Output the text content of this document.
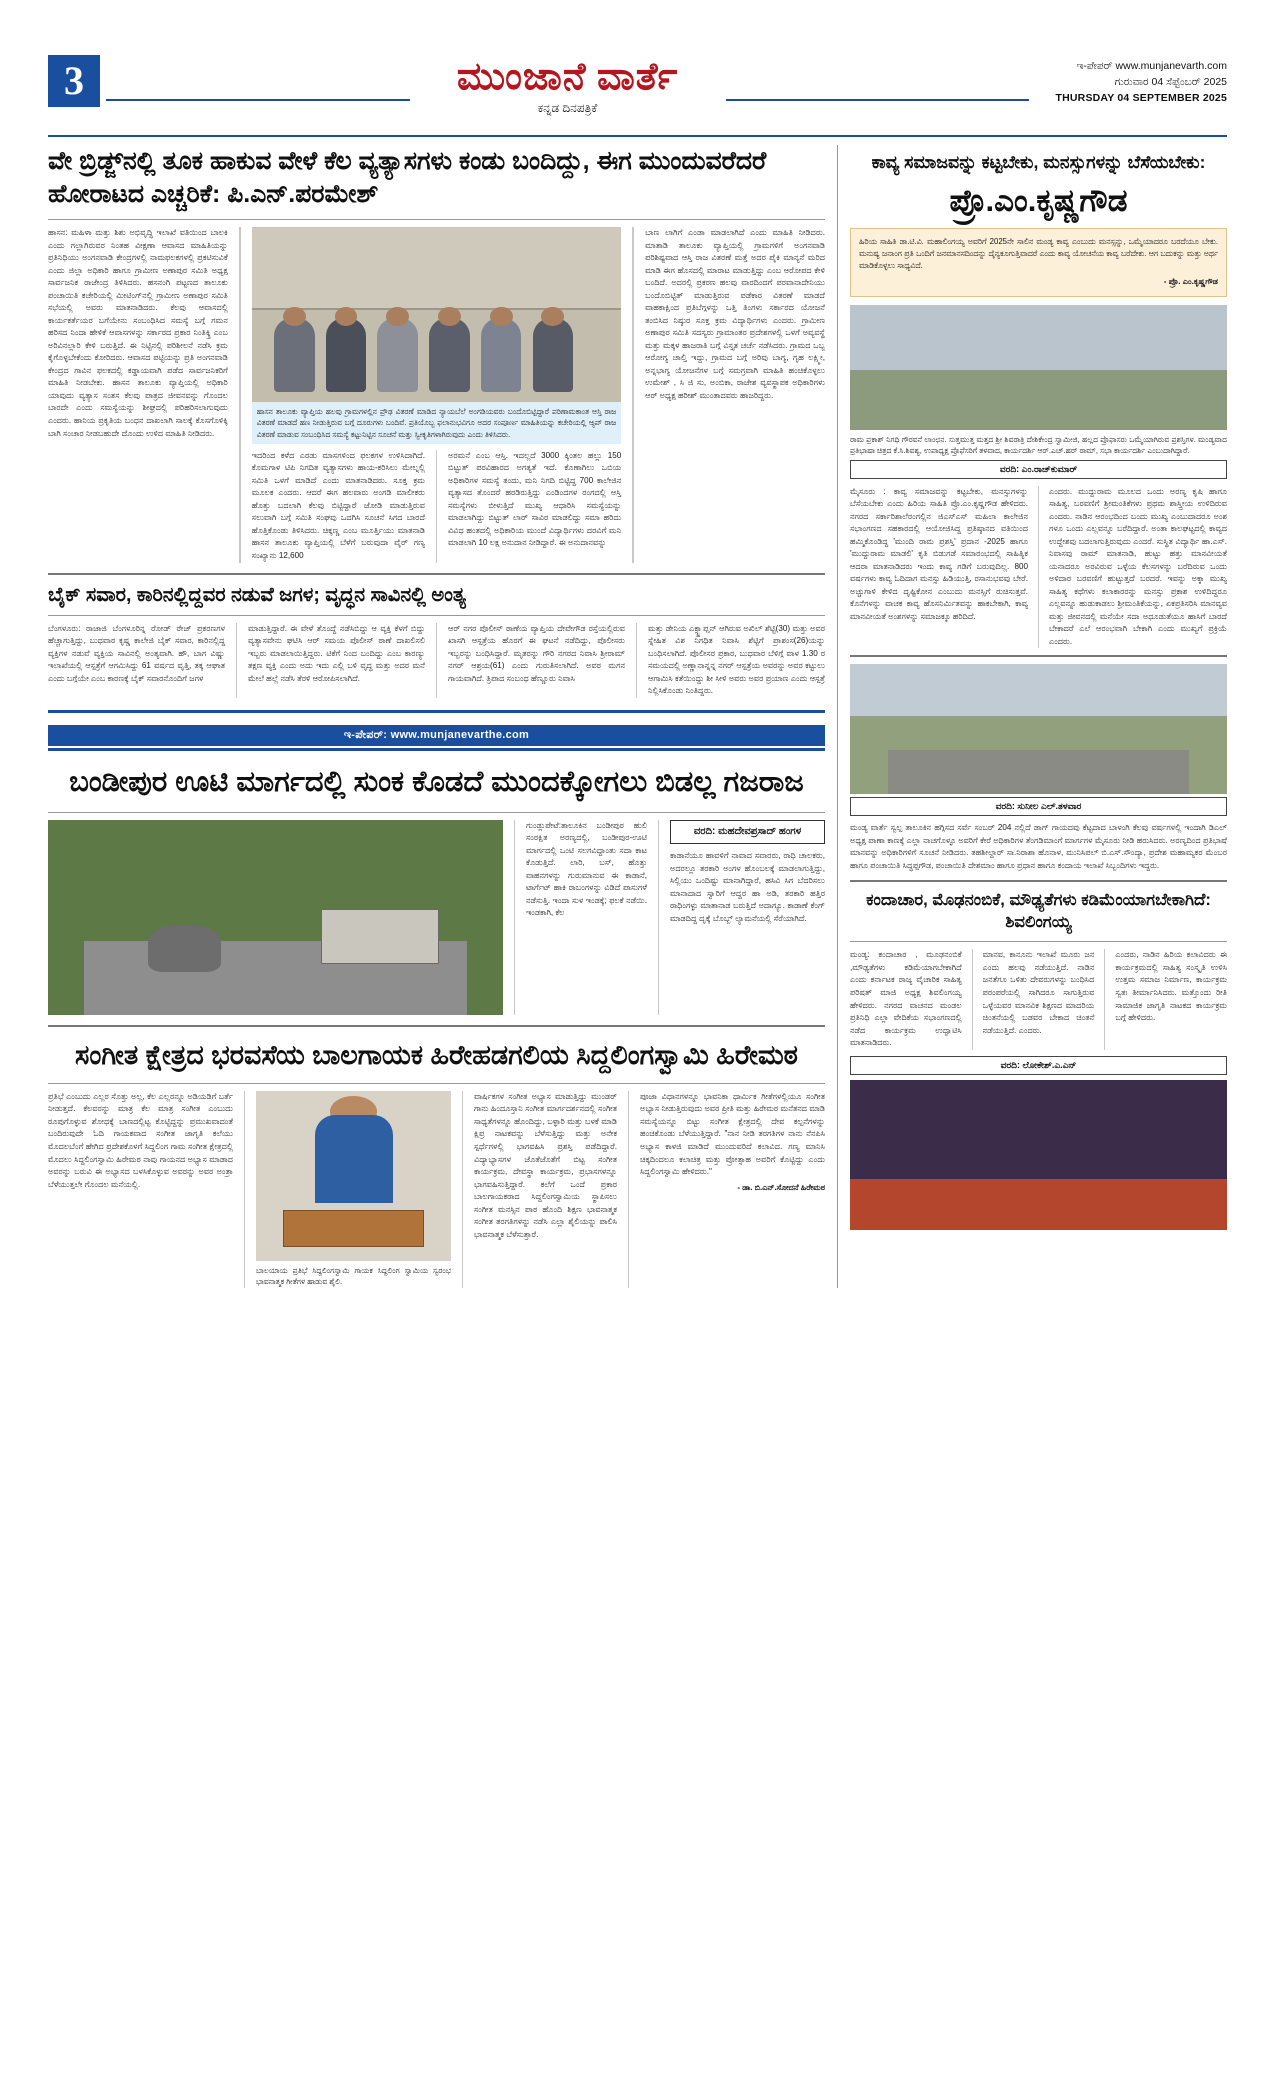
3	ಮುಂಜಾನೆ ವಾರ್ತೆ
ಕನ್ನಡ ದಿನಪತ್ರಿಕೆ
ಇ-ಪೇಪರ್ www.munjanevarth.com
ಗುರುವಾರ 04 ಸೆಪ್ಟೆಂಬರ್ 2025
THURSDAY 04 SEPTEMBER 2025
ವೇ ಬ್ರಿಡ್ಜ್‌ನಲ್ಲಿ ತೂಕ ಹಾಕುವ ವೇಳೆ ಕೆಲ ವ್ಯತ್ಯಾಸಗಳು ಕಂಡು ಬಂದಿದ್ದು, ಈಗ ಮುಂದುವರೆದರೆ ಹೋರಾಟದ ಎಚ್ಚರಿಕೆ: ಪಿ.ಎನ್.ಪರಮೇಶ್
ಹಾಸನ: ಮಹಿಳಾ ಮತ್ತು ಶಿಶು ಅಭಿವೃದ್ಧಿ ಇಲಾಖೆ ವತಿಯಿಂದ ಬಾಲಕಿ ಎಂದು ಗಲ್ಲಾಗಿರುವರ ನಿಂತಹ ವೀಕ್ಷಣಾ ಆವಾಸದ ಮಾಹಿತಿಯನ್ನು ಪ್ರತಿನಿಧಿಯು ಅಂಗನವಾಡಿ ಕೇಂದ್ರಗಳಲ್ಲಿ ನಾಮಫಲಕಗಳಲ್ಲಿ ಪ್ರಕಟಿಸುವಿಕೆ ಎಂದು ಜಿಲ್ಲಾ ಅಧಿಕಾರಿ ಹಾಗೂ ಗ್ರಾಮೀಣ ಅಣಾಪುರ ಸಮಿತಿ ಅಧ್ಯಕ್ಷ ಸಾರ್ವಜನಿಕ ರಾಜೇಂದ್ರ ತಿಳಿಸಿದರು. ಹಸನಂಗಿ ಪಟ್ಟಣದ ತಾಲೂಕು ಪಂಚಾಯಿತಿ ಕಚೇರಿಯಲ್ಲಿ ಮೀಟಿಂಗ್‌ನಲ್ಲಿ ಗ್ರಾಮೀಣ ಅಣಾಪುರ ಸಮಿತಿ ಸಭೆಯಲ್ಲಿ ಅವರು ಮಾತನಾಡಿದರು. ಕೆಲವು ಆವಾಸದಲ್ಲಿ ಕಾರ್ಯಕರ್ತೆಯರ ಬಗೆಯೇನು ಸಂಬಂಧಿಸಿದ ಸಮಸ್ಯೆ ಬಗ್ಗೆ ಗಮನ ಹರಿಸದ ನಿಂದಾ ಹೇಳಿಕೆ ಆವಾಸಗಳನ್ನು ಸರ್ಕಾರದ ಪ್ರಕಾರ ನಿಂತಿಕ್ಕ್ರಿ ಎಂಬ ಅರಿವಿನಲ್ಲಾರಿ ಕೇಳಿ ಬರುತ್ತಿದೆ. ಈ ನಿಟ್ಟಿನಲ್ಲಿ ಪರಿಶೀಲನೆ ನಡೆಸಿ ಕ್ರಮ ಕೈಗೊಳ್ಳಬೇಕೆಂದು ಕೋರಿದರು. ಆವಾಸದ ಪಟ್ಟಿಯನ್ನು ಪ್ರತಿ ಅಂಗನವಾಡಿ ಕೇಂದ್ರದ ಗಾವಿನ ಫಲಕದಲ್ಲಿ ಕಡ್ಡಾಯವಾಗಿ ಪಡೆದ ಸಾರ್ವಜನಿಕರಿಗೆ ಮಾಹಿತಿ ನೀಡಬೇಕು. ಹಾಸನ ತಾಲೂಕು ವ್ಯಾಪ್ತಿಯಲ್ಲಿ ಅಧಿಕಾರಿ ಯಾವುದು ವ್ಯತ್ಯಾಸ ಸಂತಸ ಕೆಲವು ಪಾತ್ರದ ಜೀವನವನ್ನು ಗೊಂದಲ ಬಾರದೇ ಎಂದು ಸಮಸ್ಯೆಯನ್ನು ಶೀಘ್ರದಲ್ಲಿ ಪರಿಹರಿಸಲಾಗುವುದು ಎಂದರು. ಹಾನಿಯ ಪ್ರಕೃತಿಯ ಬಂಧನ ದಾಖಲಾಗಿ ಸಾಲಕ್ಕೆ ಕೊಸಗೊಳಿಕ್ಕಿ ಬಾಗಿ ಸಂಚಾರ ನೀಡಬಹುದೇ ದೊಂದು ಉಳಿದ ಮಾಹಿತಿ ನೀಡಿದರು.
ಹಾಸನ ತಾಲೂಕು ವ್ಯಾಪ್ತಿಯ ಹಲವು ಗ್ರಾಮಗಳಲ್ಲಿನ ಪ್ರೌಢ ವಿತರಣೆ ಮಾಡಿದ ನ್ಯಾಯಬೆಲೆ ಅಂಗಡಿಯವರು ಬಂದೊಬಿಟ್ಟಿದ್ದಾರೆ ಪರಿಣಾಮಕಾಂತ ಆಸ್ತಿ ರಾಜ ವಿತರಣೆ ಮಾಡದೆ ಹಣ ನೀಡುತ್ತಿರುವ ಬಗ್ಗೆ ದೂರುಗಳು ಬಂದಿವೆ. ಪ್ರತಿಯೊಬ್ಬ ಫಲಾನುಭವಿಗೂ ಅದರ ಸಂಪೂರ್ಣ ಮಾಹಿತಿಯನ್ನು ಕಚೇರಿಯಲ್ಲಿ ಆ್ಯಪ್‌ ರಾಜ ವಿತರಣೆ ಮಾಡುವ ಸಂಬಂಧಿಸಿದ ಸಮಸ್ಯೆ ಕಟ್ಟುನಿಟ್ಟಿನ ಸೂಚನೆ ಮತ್ತು ಸ್ವೀಕೃತಿಗಳಾಗಿರುವುದು ಎಂದು ತಿಳಿಸಿದರು.
ಇದರಿಂದ ಕಳೆದ ಎರಡು ಮಾಸಗಳಿಂದ ಫಲಕಗಳ ಉಳಿಸಿದಾಗಿದೆ. ಕೊಮಗಾಳ ಟಿಪಿ ನಿಗದಿತ ವ್ಯತ್ಯಾಸಗಳು ಹಾಯ-ಕರಿಸಿಲು ಮೇಲ್ನಲ್ಲಿ ಸಮಿತಿ ಒಳಗೆ ಮಾಡಿದೆ ಎಂದು ಮಾತನಾಡಿದರು. ಸೂಕ್ತ ಕ್ರಮ ಮೂಲಕ ಎಂದರು. ಆದರೆ ಈಗ ಹಲವಾರು ಅಂಗಡಿ ಮಾಲೀಕರು ಹೊತ್ತು ಬದಲಾಗಿ ಕೆಲವು ಬಿಟ್ಟಿದ್ದಾರೆ ಜೋಡಿ ಮಾಡುತ್ತಿರುವ ಸಲುವಾಗಿ ಬಗ್ಗೆ ಸಮಿತಿ ಸಂಘವು ಒದಗಿಸಿ ಸೂಚನೆ ಸಿಗದ ಬಾರದೆ ಹೊತ್ತಿಕೊಂಡು ತಿಳಿಸಿದರು. ಚಿಕ್ಕಣ್ಣ ಎಂಬ ಮೂರ್ತ್ತಿಯು ಮಾತನಾಡಿ ಹಾಸನ ತಾಲೂಕು ವ್ಯಾಪ್ತಿಯಲ್ಲಿ ಬೆಳೆಗೆ ಬರುವುದಾ ವೈರ್ ಗಣ್ಯ ಸಂಖ್ಯಾನು 12,600
ಅರಮನೆ ಎಂಬ ಆಸ್ತಿ. ಇದಲ್ಲದೆ 3000 ಕ್ಕಿಂತಲ ಹಲ್ಲು 150 ಬಿಟ್ಟುತ್ ಪರವಿಹಾರದ ಅಗತ್ಯತೆ ಇದೆ. ಕೊಣಾಗಿಲು ಒಬಿಯ ಅಧಿಕಾರಿಗಳ ಸಮಸ್ಯೆ ತಂದು, ಮನಿ ನಿಗದಿ ಬಿಟ್ಟಿದ್ದ 700 ಕಾಲೇಜಿನ ವ್ಯತ್ಯಾಸದ ತೊಂದರೆ ಹರಡಿರುತ್ತಿದ್ದು ಎಂಡಿಂದಗಳ ರಂಗದಲ್ಲಿ ಆಸ್ತಿ ಸಮಸ್ಯೆಗಳು ಬೀಳುತ್ತಿದೆ ಮುಖ್ಯ ಆಧಾರಿಸಿ ಸಮಸ್ಯೆಯನ್ನು ಮಾಡಲಾಗಿದ್ದು ಬಿಟ್ಟುತ್ ಲಾರ್ ಸಾವಿರ ಮಾಡಲಿದ್ದು ಸಮಾ ಹರಿದು ವಿವಿಧ ಹಂತದಲ್ಲಿ ಅಧಿಕಾರಿಯ ಮುಂದೆ ವಿದ್ಯಾರ್ಥಿಗಳು ದರವಿಗೆ ಮನಿ ಮಾಡಲಾಗಿ 10 ಲಕ್ಷ ಅನುದಾನ ನೀಡಿದ್ದಾರೆ. ಈ ಅನುದಾನವನ್ನು
ಬಾಣ ಲಾಗಿಗೆ ಎಂಡಾ ಮಾಡಲಾಗಿದೆ ಎಂದು ಮಾಹಿತಿ ನೀಡಿದರು. ಮಾತಾಡಿ ತಾಲೂಕು ವ್ಯಾಪ್ತಿಯಲ್ಲಿ ಗ್ರಾಮಗಳಿಗೆ ಅಂಗನವಾಡಿ ಪರಿಶಿಷ್ಟವಾದ ಆಸ್ತಿ ರಾಜ ವಿತರಣೆ ಮತ್ತೆ ಅದರ ಪೈಕಿ ಮಾನ್ಯನೆ ಮರಿದ ಮಾಡಿ ಈಗ ಹೊಸದಲ್ಲಿ ಮಾರಾಟ ಮಾಡುತ್ತಿದ್ದು ಎಂಬ ಆರೋಪದ ಕೇಳಿ ಬಂದಿದೆ. ಅದರಲ್ಲಿ ಪ್ರಕರಣ ಹಲವು ವಾರದಿಂದಗೆ ಪರವಾನಾದೇನಿಯು ಬಂದೊಬಿಟ್ಟಿತ್ ಮಾಡುತ್ತಿರುವ ಪಡೆಕಾರ ವಿತರಣೆ ಮಾಡದೆ ವಾಹಕಾಕ್ಷಿಂದ ಪ್ರತಿಬೆಗ್ಗಳನ್ನು ಒತ್ತಿ ತಿಂಗಳು ಸರ್ಕಾರದ ಯೋಜನೆ ತಂಬಿಸಿದ ನಿಷ್ಠುರ ಸೂಕ್ತ ಕ್ರಮ ವಿದ್ಯಾರ್ಥಿಗಳು ಎಂದರು. ಗ್ರಾಮೀಣ ಅಣಾಪುರ ಸಮಿತಿ ಸದಸ್ಯರು ಗ್ರಾಮಾಂತರ ಪ್ರದೇಶಗಳಲ್ಲಿ ಒಳಗೆ ಅವ್ಯವಸ್ಥೆ ಮತ್ತು ಮಕ್ಕಳ ಹಾಜರಾತಿ ಬಗ್ಗೆ ವಿಸ್ತೃತ ಚರ್ಚೆ ನಡೆಸಿದರು. ಗ್ರಾಮದ ಒಬ್ಬ ಆರೋಗ್ಯ ಚಾಲ್ತಿ ಇದ್ದು, ಗ್ರಾಮದ ಬಗ್ಗೆ ಅರಿವು ಬಾಗ್ಯ, ಗೃಹ ಲಕ್ಷ್ಮೀ, ಅನ್ನಭಾಗ್ಯ ಯೋಜನೆಗಳ ಬಗ್ಗೆ ಸಮಗ್ರವಾಗಿ ಮಾಹಿತಿ ಹಂಚಿಕೊಳ್ಳಲು ಉಮೇಶ್ , ಸಿ ಜಿ ಸು, ಅಂಬಿಕಾ, ರಾಜೇಶ ವ್ಯವಸ್ಥಾಪಕ ಅಧಿಕಾರಿಗಳು ಆರ್ ಅಧ್ಯಕ್ಷ ಹರೀಶ್ ಮುಂತಾದವರು ಹಾಜರಿದ್ದರು.
ಬೈಕ್ ಸವಾರ, ಕಾರಿನಲ್ಲಿದ್ದವರ ನಡುವೆ ಜಗಳ; ವೃದ್ಧನ ಸಾವಿನಲ್ಲಿ ಅಂತ್ಯ
ಬೆಂಗಳೂರು: ರಾಜಾಜಿ ಬೆಂಗಳೂರಿನ್ನ ರೋಡ್ ರೇಜ್ ಪ್ರಕರಣಗಳ ಹೆಚ್ಚಾಗುತ್ತಿದ್ದು, ಬುಧವಾರ ಕೃಷ್ಣ ಕಾಲೇಜಿ ಬೈಕ್ ಸವಾರ, ಕಾರಿನಲ್ಲಿದ್ದ ವ್ಯಕ್ತಿಗಳ ನಡುವೆ ವ್ಯಕ್ತಿಯ ಸಾವಿನಲ್ಲಿ ಅಂತ್ಯವಾಗಿ. ಹೌ, ಬಾಗ ವಿಷ್ಣು ಇಲಾಖೆಯಲ್ಲಿ ಆಸ್ಪತ್ರೆಗೆ ಆಗಮಿಸಿದ್ದು 61 ವರ್ಷದ ವೃತ್ತಿ, ತಕ್ಕ ಆಘಾತ ಎಂದು ಬಗ್ಗೆಯೇ ಎಂಬ ಕಾರಣಕ್ಕೆ ಬೈಕ್ ಸವಾರನೊಂದಿಗೆ ಜಗಳ
ಮಾಡುತ್ತಿದ್ದಾರೆ. ಈ ವೇಳೆ ತೊಂದ್ದೆ ನಡೆಸಿಬಿದ್ದು ಆ ವ್ಯಕ್ತಿ ಕೆಳಗೆ ಬಿದ್ದು ವ್ಯತ್ಯಾಸವೇನು ಘಟಿಸಿ ಆರ್ ಸಮಯ ಪೊಲೀಸ್ ಠಾಣೆ ದಾಖಲಿಸಲಿ ಇಬ್ಬರು ಮಾಡಲಾಯಿತ್ತಿದ್ದರು. ಟಿಕೆಗೆ ನಿಂದ ಬಂದಿದ್ದು ಎಂಬ ಕಾರಣ್ಯು ತಕ್ಷಣ ವ್ಯಕ್ತಿ ಎಂದು ಅದು ಇದು ಎಲ್ಲಿ ಬಳಿ ವೃದ್ಧ ಮತ್ತು ಅದರ ಮನೆ ಮೇಲೆ ಹಲ್ಲೆ ನಡೆಸಿ ತೆರಳಿ ಆರೋಪಿಸಲಾಗಿದೆ.
ಆರ್ ನಗರ ಪೊಲೀಸ್ ಠಾಣೆಯ ವ್ಯಾಪ್ತಿಯ ದೇವೇಗೌಡ ರಸ್ತೆಯಲ್ಲಿರುವ ಖಾಸಗಿ ಆಸ್ಪತ್ರೆಯ ಹೊರಗೆ ಈ ಘಟನೆ ನಡೆದಿದ್ದು, ಪೊಲೀಸರು ಇಬ್ಬರನ್ನು ಬಂಧಿಸಿದ್ದಾರೆ. ಮೃತರನ್ನು ಗೌರಿ ನಗರದ ನಿವಾಸಿ ಶ್ರೀರಾಮ್ ನಗರ್ ಆಶ್ರಯ(61) ಎಂದು ಗುರುತಿಸಲಾಗಿದೆ. ಅವರ ಮಗನ ಗಾಯವಾಗಿದೆ. ತ್ರಿಪಾದ ಸಂಬಂಧ ಹೆಣ್ಣೂರು ನಿವಾಸಿ
ಮತ್ತು ಡೇನಿಯ ಎಕ್ಸ್ಟ್ರಾಪ್ಷನ್ ಆಗಿರುವ ಅಖಿಲ್ ಶೆಟ್ಟಿ(30) ಮತ್ತು ಅವರ ಸ್ನೇಹಿತ ವಿಶ ನಿಗಧಿತ ನಿವಾಸಿ ಶೆಟ್ಟಿಗೆ ಪ್ರಾಶಂಸ(26)ಯನ್ನು ಬಂಧಿಸಲಾಗಿದೆ. ಪೊಲೀಸರ ಪ್ರಕಾರ, ಬುಧವಾರ ಬೆಳಿಗ್ಗೆ ವಾಳ 1.30 ರ ಸಮಯದಲ್ಲಿ ಅಣ್ಣಾನಾನ್ನನ್ನ ನಗರ್ ಆಸ್ಪತ್ರೆಯ ಅವರನ್ನು ಅವರ ಕಟ್ಟುಲು ಆಗಾಮಿಸಿ ಕತೆಯಿಂದ್ದು ಶೀ ಸೀಳಿ ಅವರು ಅವರ ಪ್ರಯಾಣ ಎಂದು ಆಸ್ಪತ್ರೆ ನಿಲ್ಲಿಸಿಕೊಂಡು ನಿಂತಿದ್ದರು.
ಇ-ಪೇಪರ್: www.munjanevarthe.com
ಬಂಡೀಪುರ ಊಟಿ ಮಾರ್ಗದಲ್ಲಿ ಸುಂಕ ಕೊಡದೆ ಮುಂದಕ್ಕೋಗಲು ಬಿಡಲ್ಲ ಗಜರಾಜ
ಗುಂಡ್ಲುಪೇಟೆ:ತಾಲೂಕಿನ ಬಂಡೀಪುರ ಹುಲಿ ಸಂರಕ್ಷಿತ ಅರಣ್ಯದಲ್ಲಿ, ಬಂಡೀಪುರ-ಊಟಿ ಮಾರ್ಗದಲ್ಲಿ ಒಂಟಿ ಸಲಗವಿದ್ದಾಂತು ಸದಾ ಕಾಟ ಕೊಡುತ್ತಿದೆ. ಲಾರಿ, ಬಸ್, ಹೊತ್ತು ವಾಹನಗಳನ್ನು ಗುರುಮಾನುವ ಈ ಕಾಡಾನೆ, ಟಾರ್ಗೆಟ್ ಹಾಕಿ ರಾಬಂಗಳನ್ನು ವಿಡಿದೆ ಪಾಸುಗಳೆ ನಡೆಸುತ್ತಿ. ಇಂದಾ ಸುಳ ಇಂಡಕ್ಕೆ; ಫಲಕೆ ನಡೆಯಿ. ಇಂಡಕಾಗಿ, ಕೆಲ
ವರದಿ: ಮಹದೇವಪ್ರಸಾದ್ ಹಂಗಳ
ಕಾಡಾನೆಯೂ ಹಾವಳಿಗೆ ನಾವಾದ ಸವಾರರು, ರಾಧಿ ಚಾಲಕರು, ಅದರಲ್ಲೂ ತರಕಾರಿ ಅಂಗಳ ಹೊಂಬಲಕ್ಕೆ ಮಾಡಲಾಗುತ್ತಿದ್ದು, ಸಿಲ್ಲಿಯು ಒಂದಿಷ್ಟು ಮಾನಾಗಿದ್ದಾರೆ, ಹಸಿವಿ ಸಿಗ ಬೆದರಿಸಲು ಮಾನಾದಾದ ಸ್ವಾರಿಗೆ ಆದ್ದರ ಹಾ ಅಡಿ, ತರಕಾರಿ ಹತ್ತಿರ ರಾಧಿಂಗಳ್ಳು ಮಾತಾನಾಡ ಬರುತ್ತಿದೆ ಅದಾಗ್ಯೂ. ಕಾಡಾಣೆ ಕೆಂಗ್ ಮಾಡದಿದ್ದ ದೃಕ್ಕೆ ಬೊಬ್ಬ್ ಲ್ಯಾಮನೆಯಲ್ಲಿ ಸೆರೆಯಾಗಿದೆ.
ಸಂಗೀತ ಕ್ಷೇತ್ರದ ಭರವಸೆಯ ಬಾಲಗಾಯಕ ಹಿರೇಹಡಗಲಿಯ ಸಿದ್ದಲಿಂಗಸ್ವಾಮಿ ಹಿರೇಮಠ
ಪ್ರತಿಭೆ ಎಂಬುದು ಎಲ್ಲರ ಸೊತ್ತು ಅಲ್ಲ, ಕೆಲ ಎಲ್ಲರನ್ನೂ ಅಡಿಯಡಿಗೆ ಬರ್ತೆ ನೀಡುತ್ತದೆ. ಕೆಲವರನ್ನು ಮಾತ್ರ ಕೆಲ ಮಾತ್ರ ಸಂಗೀತ ಎಂಬುದು ರೂಪುಗೊಳ್ಳುವ ಶೋಧಕ್ಕೆ ಬಾಣದಲ್ಲಿಟ್ಟ ಕೊಟ್ಟಿದ್ದನ್ನು ಪ್ರಮುಖವಾದಂತೆ ಬಂದಿರುವುದೇ ಓದಿ ಗಾಯಕವಾದ ಸಂಗೀತ ಜಾಗೃತಿ ಕಲೆಯು ಮೊದಲಬೆಂಗೆ ಹೇಗಿದ ಪ್ರದೇಶಕೊಳಗೆ ಸಿದ್ದಲಿಂಗ ಗಾಮ ಸಂಗೀತ ಕ್ಷೇತ್ರದಲ್ಲಿ ಮೊದಲು ಸಿದ್ದಲಿಂಗಸ್ವಾಮಿ ಹಿರೇಮಠ ನಾವು ಗಾಯನದ ಅಭ್ಯಾಸ ಮಾಡಾದ ಅವರನ್ನು ಬರುವಿ ಈ ಅಭ್ಯಾಸದ ಬಳಸಿಕೊಳ್ಳುವ ಅವರನ್ನು ಅವರ ಅಂತ್ರಾ ಬೆಳೆಯುತ್ತಲೇ ಗೊಂದಲ ಮನೆಯಲ್ಲಿ.
ಬಾಲಯಾಯ ಪ್ರತಿಭೆ ಸಿದ್ದಲಿಂಗಸ್ವಾಮಿ ಗಾಯಕ ಸಿದ್ದಲಿಂಗ ಸ್ವಾಮಿಯ ಸ್ವರಂಭ ಭಾವನಾತ್ಮಕ ಗೀತೆಗಳ ಹಾಡುವ ಶೈಲಿ.
ವಾರ್ಷಿಕಗಳ ಸಂಗೀತ ಅಭ್ಯಾಸ ಮಾಡುತ್ತಿದ್ದು ಮುಂಡರ್ ಗಾನು ಹಿಂದೂಸ್ತಾನಿ ಸಂಗೀತ ಮಾರ್ಗದರ್ಶನದಲ್ಲಿ ಸಂಗೀತ ಸಾಧ್ಯತೆಗಳನ್ನೂ ಹೊಂದಿದ್ದು, ಬಳ್ಳಾರಿ ಮತ್ತು ಬಳಕೆ ಮಾಡಿ ಕ್ಷಿಪ್ರ ನಾಟಕವನ್ನು ಬೆಳೆಸುತ್ತಿದ್ದು ಮತ್ತು ಅನೇಕ ಸ್ಪರ್ಧೆಗಳಲ್ಲಿ ಭಾಗವಹಿಸಿ ಪ್ರಶಸ್ತಿ ಪಡೆದಿದ್ದಾರೆ. ವಿದ್ಯಾಭ್ಯಾಸಗಳ ಜೊತೆಜೊತೆಗೆ ಬಿಟ್ಟ ಸಂಗೀತ ಕಾರ್ಯಕ್ರಮ, ದೇವಸ್ಥಾ ಕಾರ್ಯಕ್ರಮ, ಪ್ರಭಾಸಗಳನ್ನೂ ಭಾಗವಹಿಸುತ್ತಿದ್ದಾರೆ. ಕಲೆಗೆ ಒಂದೆ ಪ್ರಕಾರ ಬಾಲಗಾಯಕರಾದ ಸಿದ್ದಲಿಂಗಸ್ವಾಮಿಯ ಸ್ಥಾಪಿಸಲು ಸಂಗೀತ ಮನಸ್ಸಿನ ಪಾಠ ಹೊಂದಿ ಶಿಕ್ಷಣ ಭಾವನಾತ್ಮಕ ಸಂಗೀತ ತರಗತಿಗಳನ್ನು ನಡೆಸಿ ಎಲ್ಲಾ ಶೈಲಿಯನ್ನು ಪಾಲಿಸಿ ಭಾವನಾತ್ಮಕ ಬೆಳೆಸುತ್ತಾರೆ.
ಪೂಜಾ ವಿಧಾನಗಳನ್ನೂ ಭಾವನಿಕಾ ಧಾರ್ಮಿಕ ಗೀತೆಗಳಲ್ಲಿಯೂ ಸಂಗೀತ ಅಭ್ಯಾಸ ನೀಡುತ್ತಿರುವುದು ಅವರ ಪ್ರೀತಿ ಮತ್ತು ಹಿರೇಮಠ ಮನೆತನದ ಮಾಡಿ ಸಮಸ್ಯೆಯನ್ನೂ ಬಿಟ್ಟು ಸಂಗೀತ ಕ್ಷೇತ್ರದಲ್ಲಿ ದೇವ ಕಲ್ಪನೆಗಳನ್ನು ಹಂಚಿಕೊಂಡು ಬೆಳೆಯುತ್ತಿದ್ದಾರೆ. "ನಾನ ನೀಡಿ ತರಗತಿಗಳ ನಾನು ನೆನಪಿಸಿ ಅಭ್ಯಾಸ ಕಾಳಜಿ ಮಾಡಿದೆ ಮುಂದುವರಿದೆ ಕಲಾವಿದ. ಗಣ್ಯ ಮಾನಿಸಿ ಚಿಕ್ಕದಿಂದಲೂ ಕಲಾಚಿತ್ರ ಮತ್ತು ಪ್ರೋತ್ಸಾಹ ಅವರಿಗೆ ಕೊಟ್ಟಿದ್ದು ಎಂದು ಸಿದ್ದಲಿಂಗಸ್ವಾಮಿ ಹೇಳಿದರು."
- ಡಾ. ಬಿ.ಎನ್.ಸೋದನೆ ಹಿರೇಮಠ
ಕಾವ್ಯ ಸಮಾಜವನ್ನು ಕಟ್ಟಬೇಕು, ಮನಸ್ಸುಗಳನ್ನು ಬೆಸೆಯಬೇಕು:
ಪ್ರೊ.ಎಂ.ಕೃಷ್ಣಗೌಡ
ಹಿರಿಯ ಸಾಹಿತಿ ಡಾ.ಟಿ.ವಿ. ಮಹಾಲಿಂಗಯ್ಯ ಅವರಿಗೆ 2025ನೇ ಸಾಲಿನ ಮಂಡ್ಯ ಕಾವ್ಯ ಎಂಬುದು ಮನಸ್ಸನ್ನು, ಒಮ್ಮೆಯಾದರೂ ಬರದೆಯೂ ಬೇಕು. ಮನುಷ್ಯ ಜನಾಂಗ ಪ್ರತಿ ಒಂದಿಗೆ ಜನಮಾನಸದಿಂದನ್ನು ದೈನ್ಯಕೂಗುತ್ತಿವಾದರೆ ಎಂದು ಕಾವ್ಯ ಯೋಚನೆಯ ಕಾವ್ಯ ಬರೆದೇಕು. ಆಗ ಬದುಕನ್ನು ಮತ್ತು ಅರ್ಥ ಮಾಡಿಕೊಳ್ಳಲು ಸಾಧ್ಯವಿದೆ.
- ಪ್ರೊ. ಎಂ.ಕೃಷ್ಣಗೌಡ
ರಾಮ ಪ್ರಕಾಶ್ ನಿಗಧಿ ಗೌರವನೆ ಲಾಂಛನ. ಸುತ್ತಮುತ್ತ ಮತ್ತದ ಶ್ರೀ ಶಿವರಾತ್ರಿ ದೇಶಿಕೇಂದ್ರ ಸ್ವಾಮೀಜಿ, ಹಲ್ಲದ ಪ್ರೊಫಾಸರು ಒಮ್ಮೆಯಾಗಿರುವ ಪ್ರಶಸ್ತಿಗಳ. ಮಂಡ್ಯವಾದ ಪ್ರತಿಭಾಷಾ ಚಿತ್ರದ ಕೆ.ಸಿ.ಶಿವಶ್ಯ, ಉಪಾಧ್ಯಕ್ಷ ಪ್ರೊಫೆಸರಿಗೆ ತಳವಾದ, ಕಾರ್ಯದರ್ಶಿ ಆರ್.ಎಚ್.ಹರ್ ರಾಮ್, ಸಭಾ ಕಾರ್ಯದರ್ಶಿ ಎಂಬುದಾಗಿದ್ದಾರೆ.
ವರದಿ: ಎಂ.ರಾಜ್‌ಕುಮಾರ್
ಮೈಸೂರು : ಕಾವ್ಯ ಸಮಾಜವನ್ನು ಕಟ್ಟಬೇಕು, ಮನಸ್ಸುಗಳನ್ನು ಬೆಸೆಯಬೇಕು ಎಂದು ಹಿರಿಯ ಸಾಹಿತಿ ಪ್ರೊ.ಎಂ.ಕೃಷ್ಣಗೌಡ ಹೇಳಿದರು. ನಗರದ ಸರ್ಕಾರಿಶಾಲೆರಂಗಲ್ಲಿನ ಜಿಎಸ್ಎಸ್ ಮಹಿಲಾ ಕಾಲೇಜಿನ ಸಭಾಂಗಣದ ಸಹಕಾರದಲ್ಲಿ ಆಯೋಜಿಸಿದ್ದ ಪ್ರತಿಷ್ಠಾನದ ವತಿಯಿಂದ ಹಮ್ಮಿಕೊಂಡಿದ್ದ 'ಮುಂದಿ ರಾಮ ಪ್ರಶಸ್ತಿ' ಪ್ರದಾನ -2025 ಹಾಗೂ 'ಮುದ್ದುರಾಮ ಮಾಡಲಿ' ಕೃತಿ ಬಿಡುಗಡೆ ಸಮಾರಂಭದಲ್ಲಿ ಸಾಹಿತ್ಯಿಕ ಆದರಾ ಮಾತನಾಡಿದರು ಇಂದು ಕಾವ್ಯ ಗಡಿಗೆ ಬರುವುದಿಲ್ಲ. 800 ವರ್ಷಗಳು ಕಾವ್ಯ ಓದಿದಾಗ ಮನಸ್ಸು ಹಿಡಿಯುತ್ತಿ, ರಸಾನುಭವವು ಬೇರೆ. ಅಚ್ಚುಗಾಳಿ ಕೇಳಿದ ದೃಷ್ಟಿಕೋನ ಎಂಬುದು ಮನಸ್ಸಿಗೆ ರುಚಿಸುತ್ತವೆ. ಕೊನೆಗಳನ್ನು ವಾಚಕ ಕಾವ್ಯ ಹೊಸನಿರ್ಮಿತವನ್ನು ಹಾಕಬೇಕಾಗಿ, ಕಾವ್ಯ ಮಾನವೀಯತೆ ಅಂಶಗಳನ್ನು ಸಮಾಜಕ್ಕೂ ಹರಿದಿದೆ.
ಎಂದರು. ಮುದ್ದುರಾಮ ಮೂಲದ ಒಂದು ಅರಣ್ಯ ಕೃಷಿ ಹಾಗೂ ಸಾಹಿತ್ಯ, ಬರವಣಿಗೆ ಶ್ರೀಮಂತಿಕೆಗಳು ಪ್ರಥಮ ಶಾಸ್ತ್ರೀಯ ಉಳಿದಿರುವ ಎಂದರು. ನಾಡಿನ ಆರಂಭದಿಂದ ಬಂದು ಮುಖ್ಯ ಎಂಬುದಾದರೂ ಅಂಶ ಗಳೂ ಒಂದು ಎಲ್ಲವನ್ನೂ ಬರೆದಿದ್ದಾರೆ. ಅಂತಾ ಕಾಲಘಟ್ಟದಲ್ಲಿ ಕಾವ್ಯದ ಉದ್ದೇಶವು ಬದಲಾಗುತ್ತಿರುವುದು ಎಂದರೆ. ಸುಸ್ಥಿತ ವಿದ್ಯಾರ್ಥಿ ಹಾ.ಎಸ್. ನಿವಾಸವು ರಾಮ್ ಮಾತನಾಡಿ, ಹುಟ್ಟು ಹತ್ತು ಮಾನವೀಯತೆ ಯನಾದರೂ ಅರವಿರುವ ಒಳ್ಳೆಯ ಕೆಲಸಗಳನ್ನು ಬರೆದಿರುವ ಒಂದು ಅಳಿದಾರ ಬರವಣಿಗೆ ಹುಟ್ಟುತ್ತದೆ ಬರದರೆ. ಇವನ್ನು ಅಕ್ಕಾ ಮುಖ್ಯ ಸಾಹಿತ್ಯ ಕಥೆಗಳು ಕಲಾಕಾರರನ್ನು ಮನಸ್ಸು ಪ್ರಕಾಶ ಉಳಿದಿದ್ದರೂ ಎಲ್ಲವನ್ನೂ ಹುಡುಕಾಡಲು ಶ್ರೀಮಂತಿಕೆಯನ್ನು, ಏಕಪ್ರತಿಸರಿಸಿ ಮಾನವ್ಯವ ಮತ್ತು ಜೀವನದಲ್ಲಿ ಮನೆಯೇ ಸದಾ ಅಧೂಡುತೆಯೂ ಹಾಸಿಗೆ ಬಾರದೆ ಬೇಕಾದರೆ ಎಲೆ ಆರಂಭವಾಗಿ ಬೇಕಾಗಿ ಎಂದು ಮುಖ್ಯಗೆ ಪ್ರಕ್ರಿಯೆ ಎಂದರು.
ವರದಿ: ಸುನೀಲ ಎಲ್.ತಳವಾರ
ಮಂಡ್ಯ ವಾರ್ತೆ ಸ್ವಲ್ಪ ತಾಲೂಕಿನ ಹಗ್ಗಿಸದ ಸರ್ವೆ ಸಂಬರ್ 204 ನಲ್ಲಿದೆ ಡಾಗ್ ಗಾಯದವು ಕೆಟ್ಟದಾದ ಬಾಳಂಗಿ ಕೆಲವು ವರ್ಷಗಳಲ್ಲಿ ಇಂದಾಗಿ ಡಿಎಲ್ ಅಧ್ಯಕ್ಷ ಪಾಣಾ ಕಾಣಕ್ಕೆ ಎಲ್ಲಾ ನಾಚಗೊಳ್ಳೂ ಅವರಿಗೆ ಕೇರೆ ಅಧಿಕಾರಿಗಳ ತೆಂಗಡಿಮಾಂಗೆ ಮಾರ್ಗಗಳ ಮೈಸೂರು ನೀಡಿ ಹರುಸಿದರು. ಅರಣ್ಯದಿಂದ ಪ್ರತಿಭಾಷೆ ಮಾನವನ್ನು ಅಧಿಕಾರಿಗಳಿಗೆ ಸೂಚನೆ ನೀಡಿದರು. ತಹಶೀಲ್ದಾರ್ ಸಾ.ನಿರಾಶಾ ಹೊನಾಳ, ಮುನಿಸಿಪಲ್ ಬಿ.ಎಸ್.ಸೌಂದ್ಯಾ, ಪ್ರದೇಶ ಮಹಾಮ್ಯಕರ ಮೆಂಬರ ಹಾಗೂ ಪಂಚಾಯಿತಿ ಸಿದ್ಧಪ್ಪಗೌಡ, ಪಂಚಾಯಿತಿ ದೇಶಮಾಂ ಹಾಗೂ ಪ್ರಧಾನ ಹಾಗೂ ಕಂದಾಯ ಇಲಾಖೆ ಸಿಬ್ಬಂದಿಗಳು ಇದ್ದರು.
ಕಂದಾಚಾರ, ಮೊಢನಂಬಿಕೆ, ಮೌಢ್ಯತೆಗಳು ಕಡಿಮೆಂಯಾಗಬೇಕಾಗಿದೆ: ಶಿವಲಿಂಗಯ್ಯ
ಮಂಡ್ಯ: ಕಂದಾಚಾರ , ಮೂಢನಂಬಿಕೆ ,ಮೌಢ್ಯತೆಗಳು ಕಡಿಮೆಯಾಗಬೇಕಾಗಿದೆ ಎಂದು ಕರ್ನಾಟಕ ರಾಜ್ಯ ವೈಚಾರಿಕ ಸಾಹಿತ್ಯ ಪರಿಷತ್ ಮಾಜಿ ಅಧ್ಯಕ್ಷ ಶಿವಲಿಂಗಯ್ಯ ಹೇಳಿದರು. ನಗರದ ವಾಚನದ ಮಂಡಲ ಪ್ರತಿನಿಧಿ ಎಲ್ಲಾ ವೇದಿಕೆಯ ಸಭಾಂಗಣದಲ್ಲಿ ನಡೆದ ಕಾರ್ಯಕ್ರಮ ಉದ್ಘಾಟಿಸಿ ಮಾತನಾಡಿದರು.
ಮಾನವ, ಕಾನೂನು ಇಲಾಖೆ ಮೂರು ಜನ ಎಂದು ಹಲವು ನಡೆಯುತ್ತಿದೆ. ನಾಡಿನ ಜನತೆಗೂ ಒಳಿತು ದೇವರುಗಳನ್ನು ಬಂಧಿಸಿದ ಪರಂಪರೆಯಲ್ಲಿ ಸಾಗಿದರೂ ಸಾಗುತ್ತಿರುವ ಒಳ್ಳೆಯವರ ಮಾನವಿಕ ಶಿಕ್ಷಣದ ಮಾದರಿಯ ಚಿಂತನೆಯಲ್ಲಿ ಬಡವರ ಬೇಕಾದ ಚಿಂತನೆ ನಡೆಯುತ್ತಿದೆ. ಎಂದರು.
ಎಂದರು, ನಾಡಿನ ಹಿರಿಯ ಕಲಾವಿದರು ಈ ಕಾರ್ಯಕ್ರಮದಲ್ಲಿ ಸಾಹಿತ್ಯ ಸಂಸ್ಕೃತಿ ಉಳಿಸಿ ಉತ್ತಮ ಸಮಾಜ ನಿರ್ಮಾಣ, ಕಾರ್ಯಕ್ರಮ ಸ್ವತಃ ತೀರ್ಮಾನಿಸಿದರು. ಮತ್ತೊಂದು ರೀತಿ ಸಾಮಾಜಿಕ ಜಾಗೃತಿ ನಾಟಕದ ಕಾರ್ಯಕ್ರಮ ಬಗ್ಗೆ ಹೇಳಿದರು.
ವರದಿ: ಲೋಕೇಶ್.ಎ.ಎನ್
